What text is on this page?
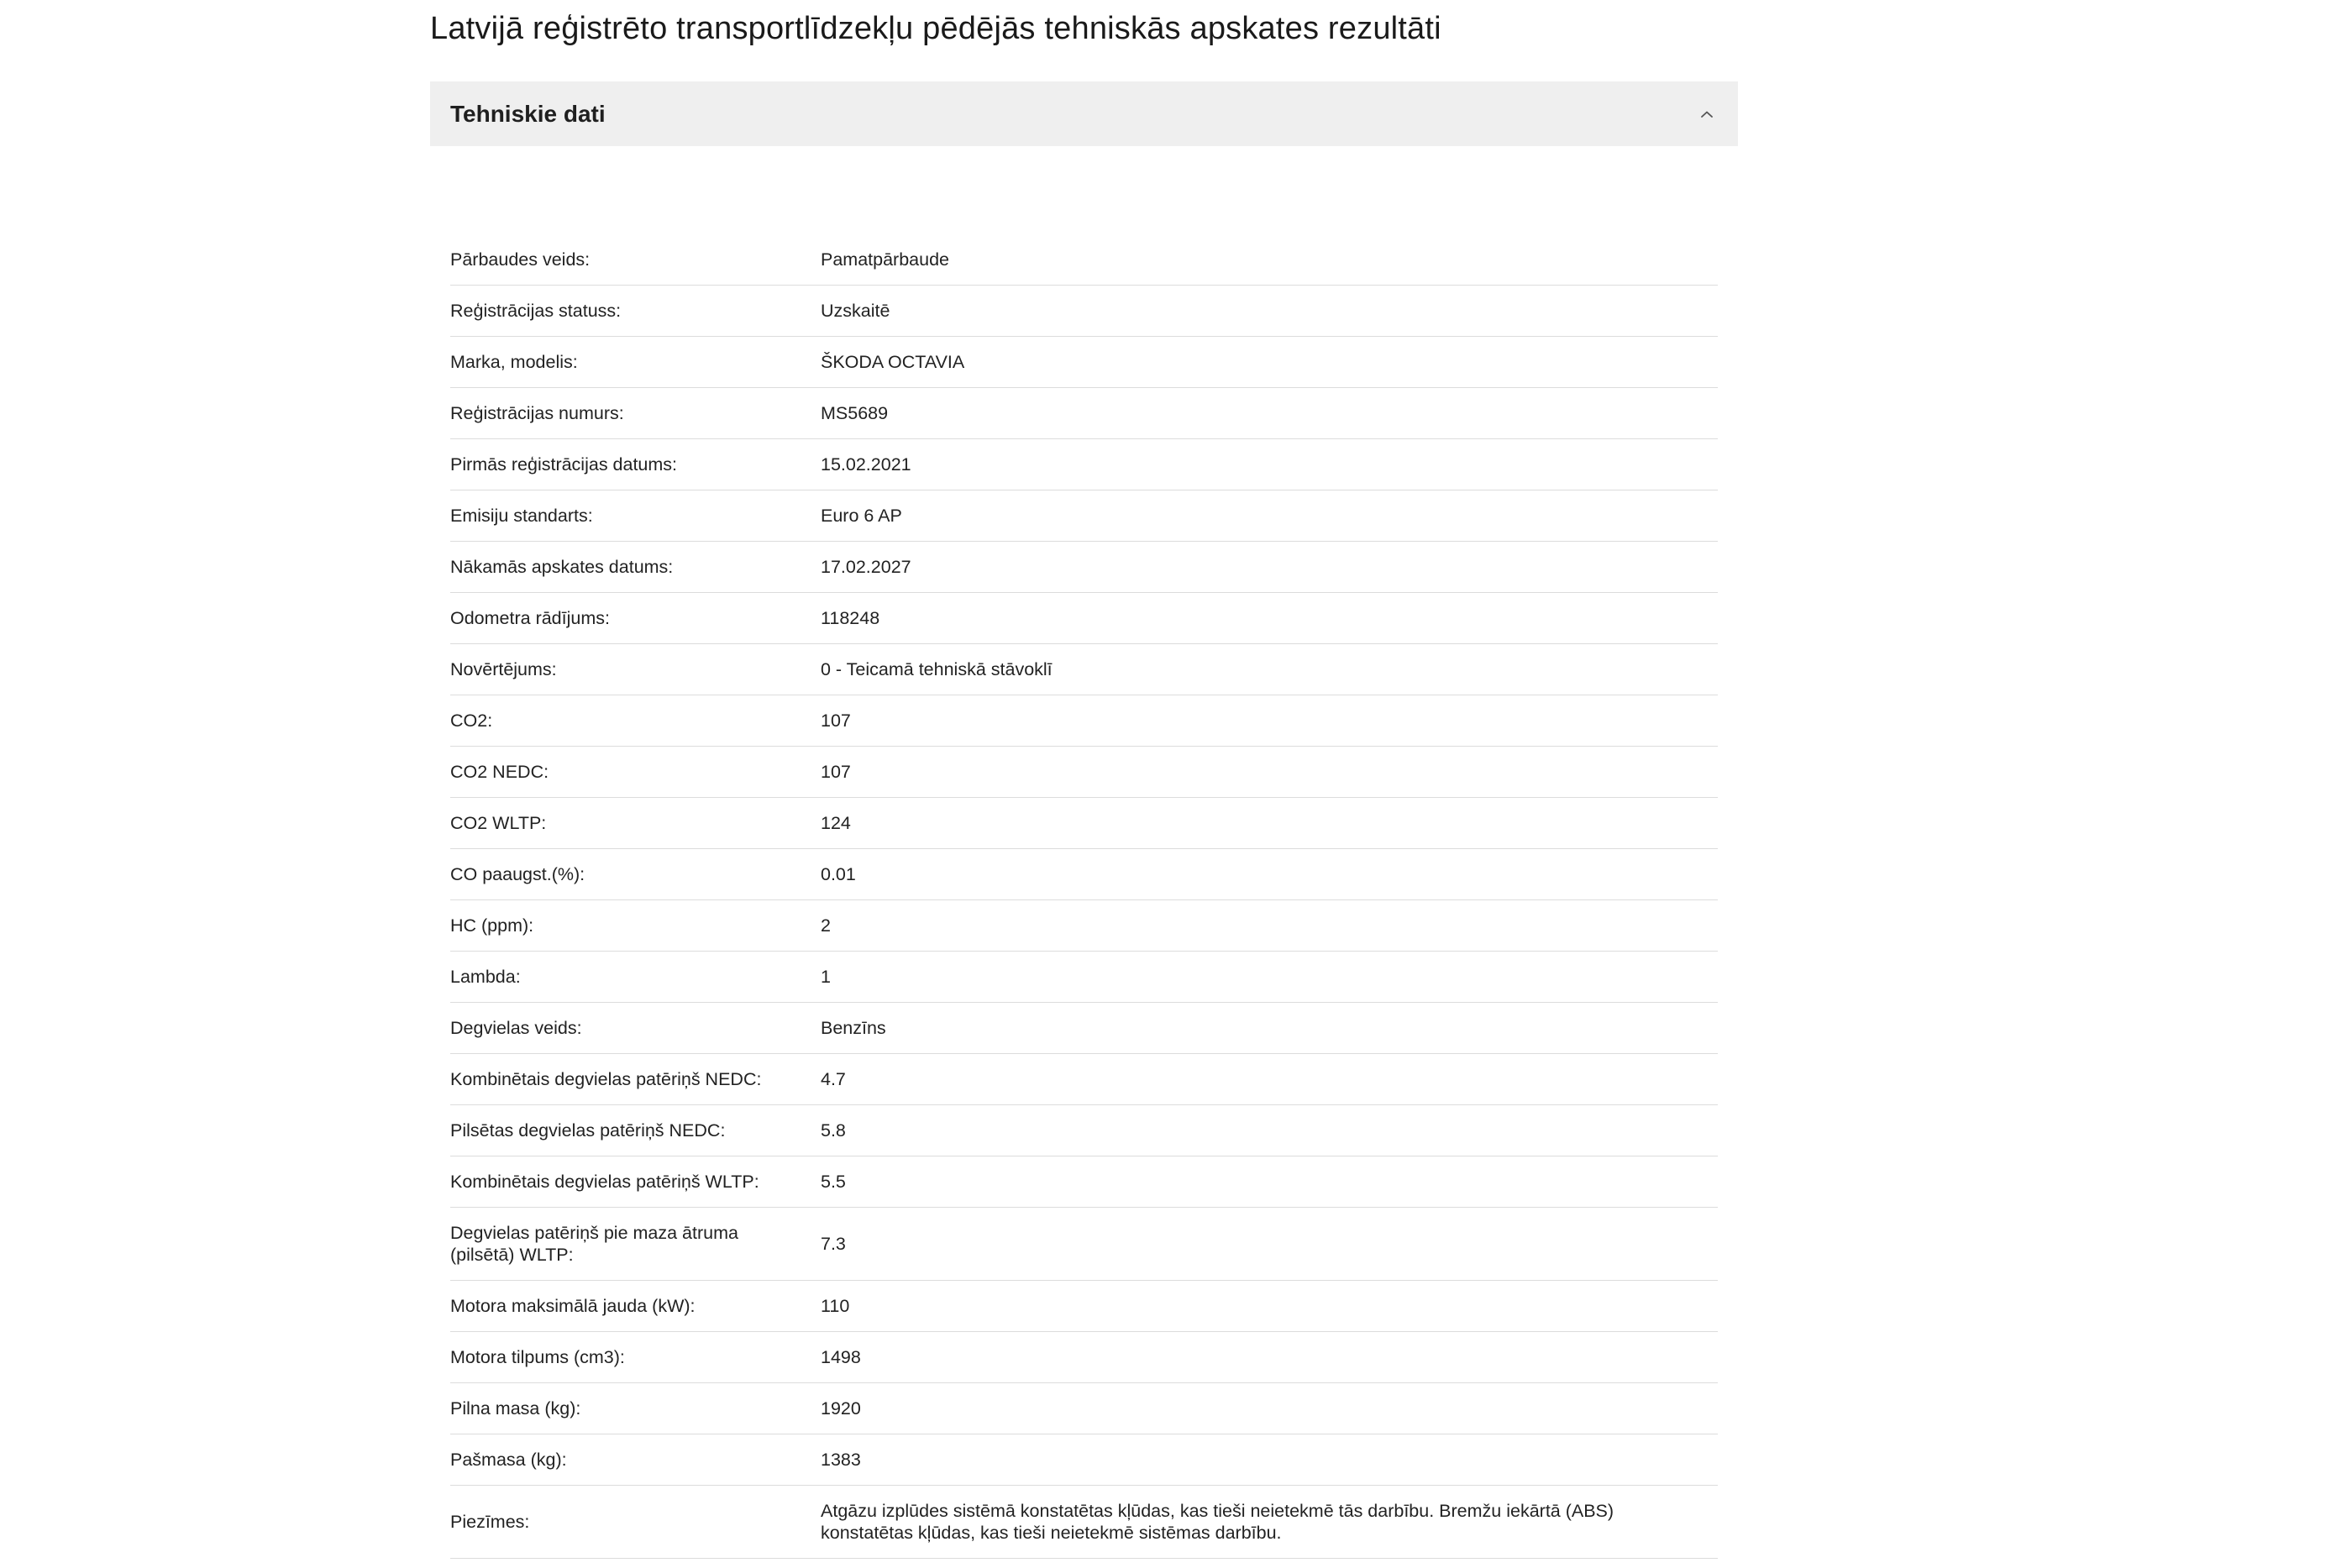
Latvijā reģistrēto transportlīdzekļu pēdējās tehniskās apskates rezultāti
Tehniskie dati
Pārbaudes veids:	Pamatpārbaude
Reģistrācijas statuss:	Uzskaitē
Marka, modelis:	ŠKODA OCTAVIA
Reģistrācijas numurs:	MS5689
Pirmās reģistrācijas datums:	15.02.2021
Emisiju standarts:	Euro 6 AP
Nākamās apskates datums:	17.02.2027
Odometra rādījums:	118248
Novērtējums:	0 - Teicamā tehniskā stāvoklī
CO2:	107
CO2 NEDC:	107
CO2 WLTP:	124
CO paaugst.(%):	0.01
HC (ppm):	2
Lambda:	1
Degvielas veids:	Benzīns
Kombinētais degvielas patēriņš NEDC:	4.7
Pilsētas degvielas patēriņš NEDC:	5.8
Kombinētais degvielas patēriņš WLTP:	5.5
Degvielas patēriņš pie maza ātruma (pilsētā) WLTP:	7.3
Motora maksimālā jauda (kW):	110
Motora tilpums (cm3):	1498
Pilna masa (kg):	1920
Pašmasa (kg):	1383
Piezīmes:	Atgāzu izplūdes sistēmā konstatētas kļūdas, kas tieši neietekmē tās darbību. Bremžu iekārtā (ABS) konstatētas kļūdas, kas tieši neietekmē sistēmas darbību.
